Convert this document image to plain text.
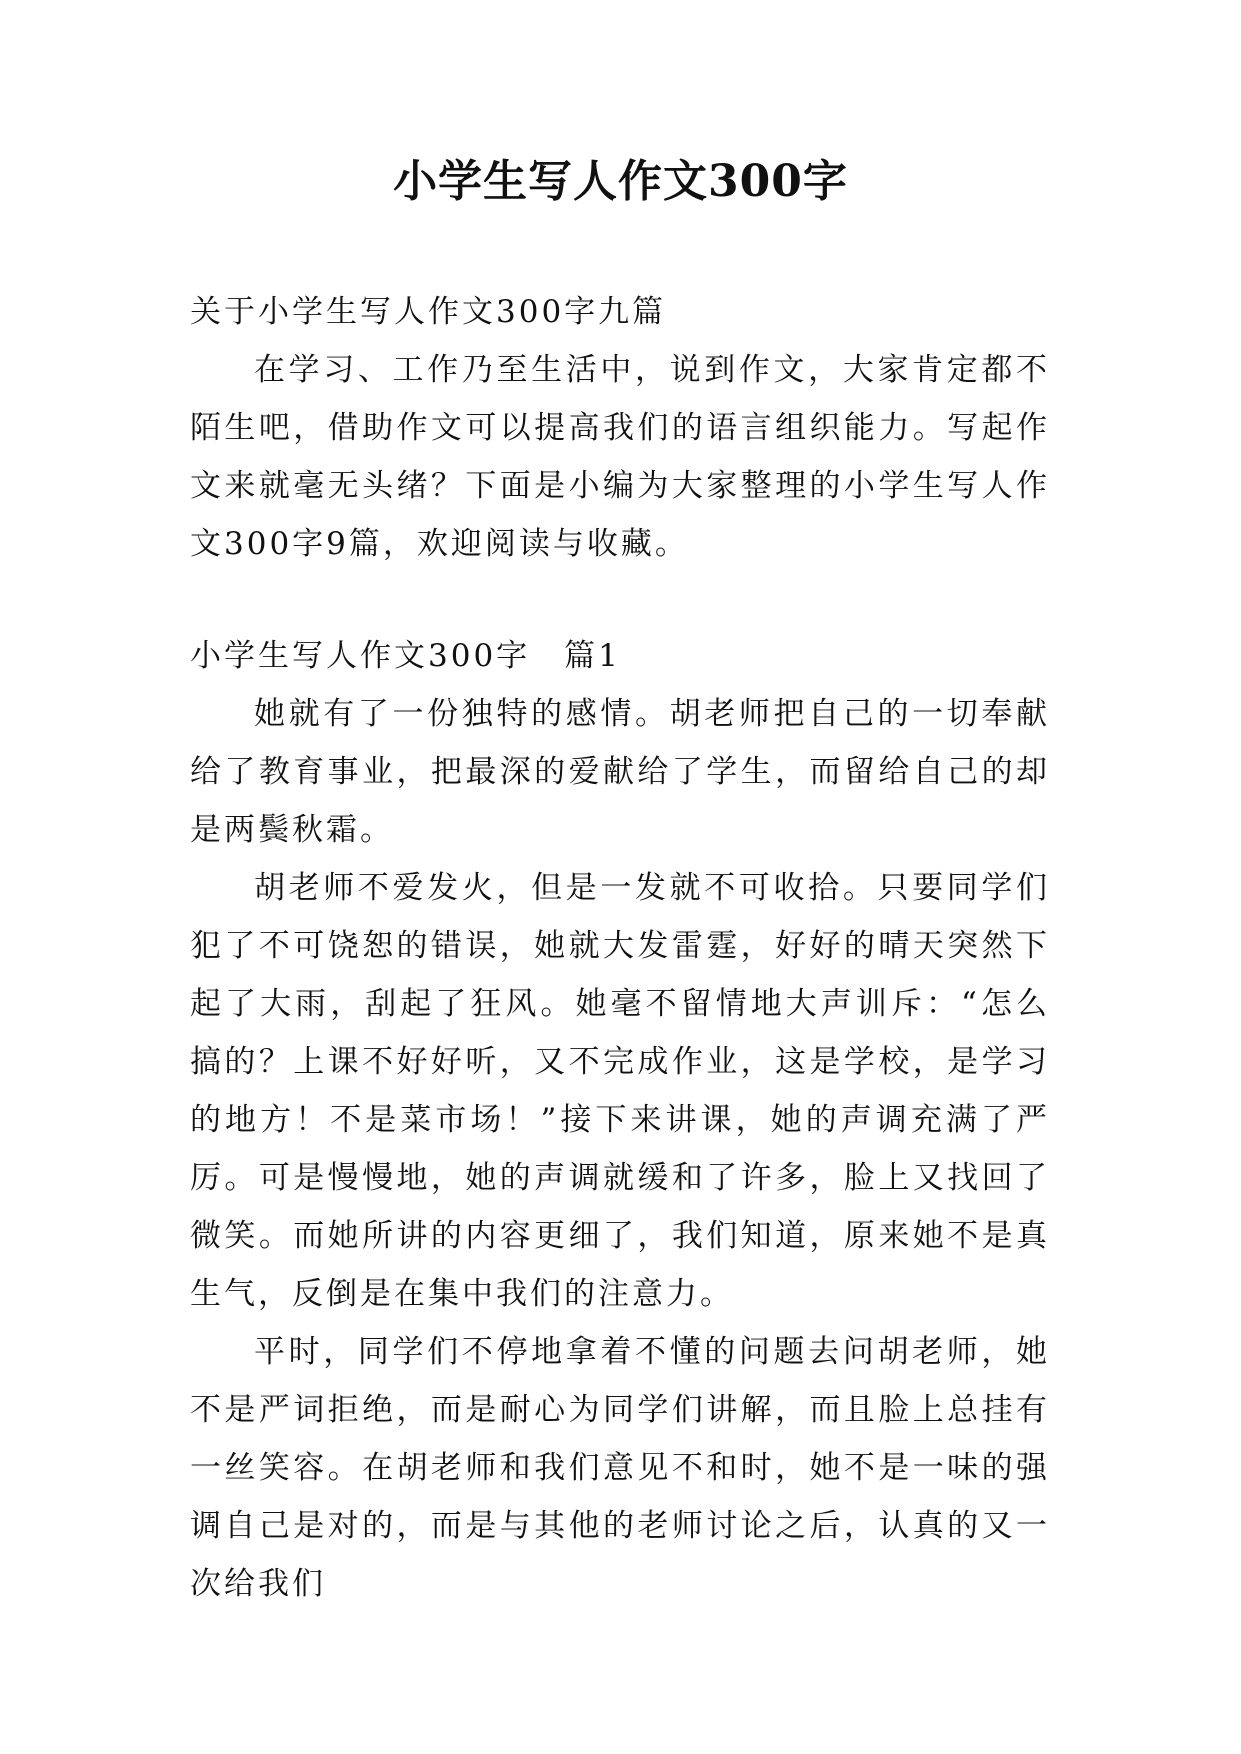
小学生写人作文300字

关于小学生写人作文300字九篇

在学习、工作乃至生活中，说到作文，大家肯定都不陌生吧，借助作文可以提高我们的语言组织能力。写起作文来就毫无头绪？下面是小编为大家整理的小学生写人作文300字9篇，欢迎阅读与收藏。

小学生写人作文300字　篇1

她就有了一份独特的感情。胡老师把自己的一切奉献给了教育事业，把最深的爱献给了学生，而留给自己的却是两鬓秋霜。

胡老师不爱发火，但是一发就不可收拾。只要同学们犯了不可饶恕的错误，她就大发雷霆，好好的晴天突然下起了大雨，刮起了狂风。她毫不留情地大声训斥：“怎么搞的？上课不好好听，又不完成作业，这是学校，是学习的地方！不是菜市场！”接下来讲课，她的声调充满了严厉。可是慢慢地，她的声调就缓和了许多，脸上又找回了微笑。而她所讲的内容更细了，我们知道，原来她不是真生气，反倒是在集中我们的注意力。

平时，同学们不停地拿着不懂的问题去问胡老师，她不是严词拒绝，而是耐心为同学们讲解，而且脸上总挂有一丝笑容。在胡老师和我们意见不和时，她不是一味的强调自己是对的，而是与其他的老师讨论之后，认真的又一次给我们
